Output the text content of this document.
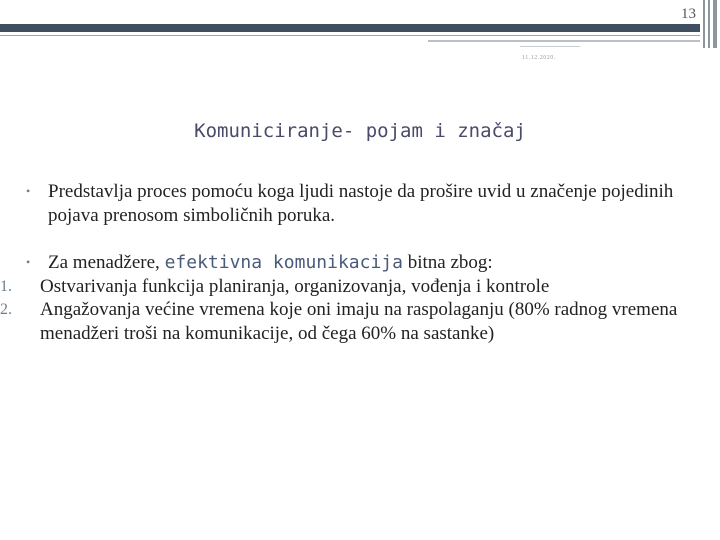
13
11.12.2020.
Komuniciranje- pojam i značaj
• Predstavlja proces pomoću koga ljudi nastoje da prošire uvid u značenje pojedinih pojava prenosom simboličnih poruka.
• Za menadžere, efektivna komunikacija bitna zbog:
1. Ostvarivanja funkcija planiranja, organizovanja, vođenja i kontrole
2. Angažovanja većine vremena koje oni imaju na raspolaganju (80% radnog vremena menadžeri troši na komunikacije, od čega 60% na sastanke)
